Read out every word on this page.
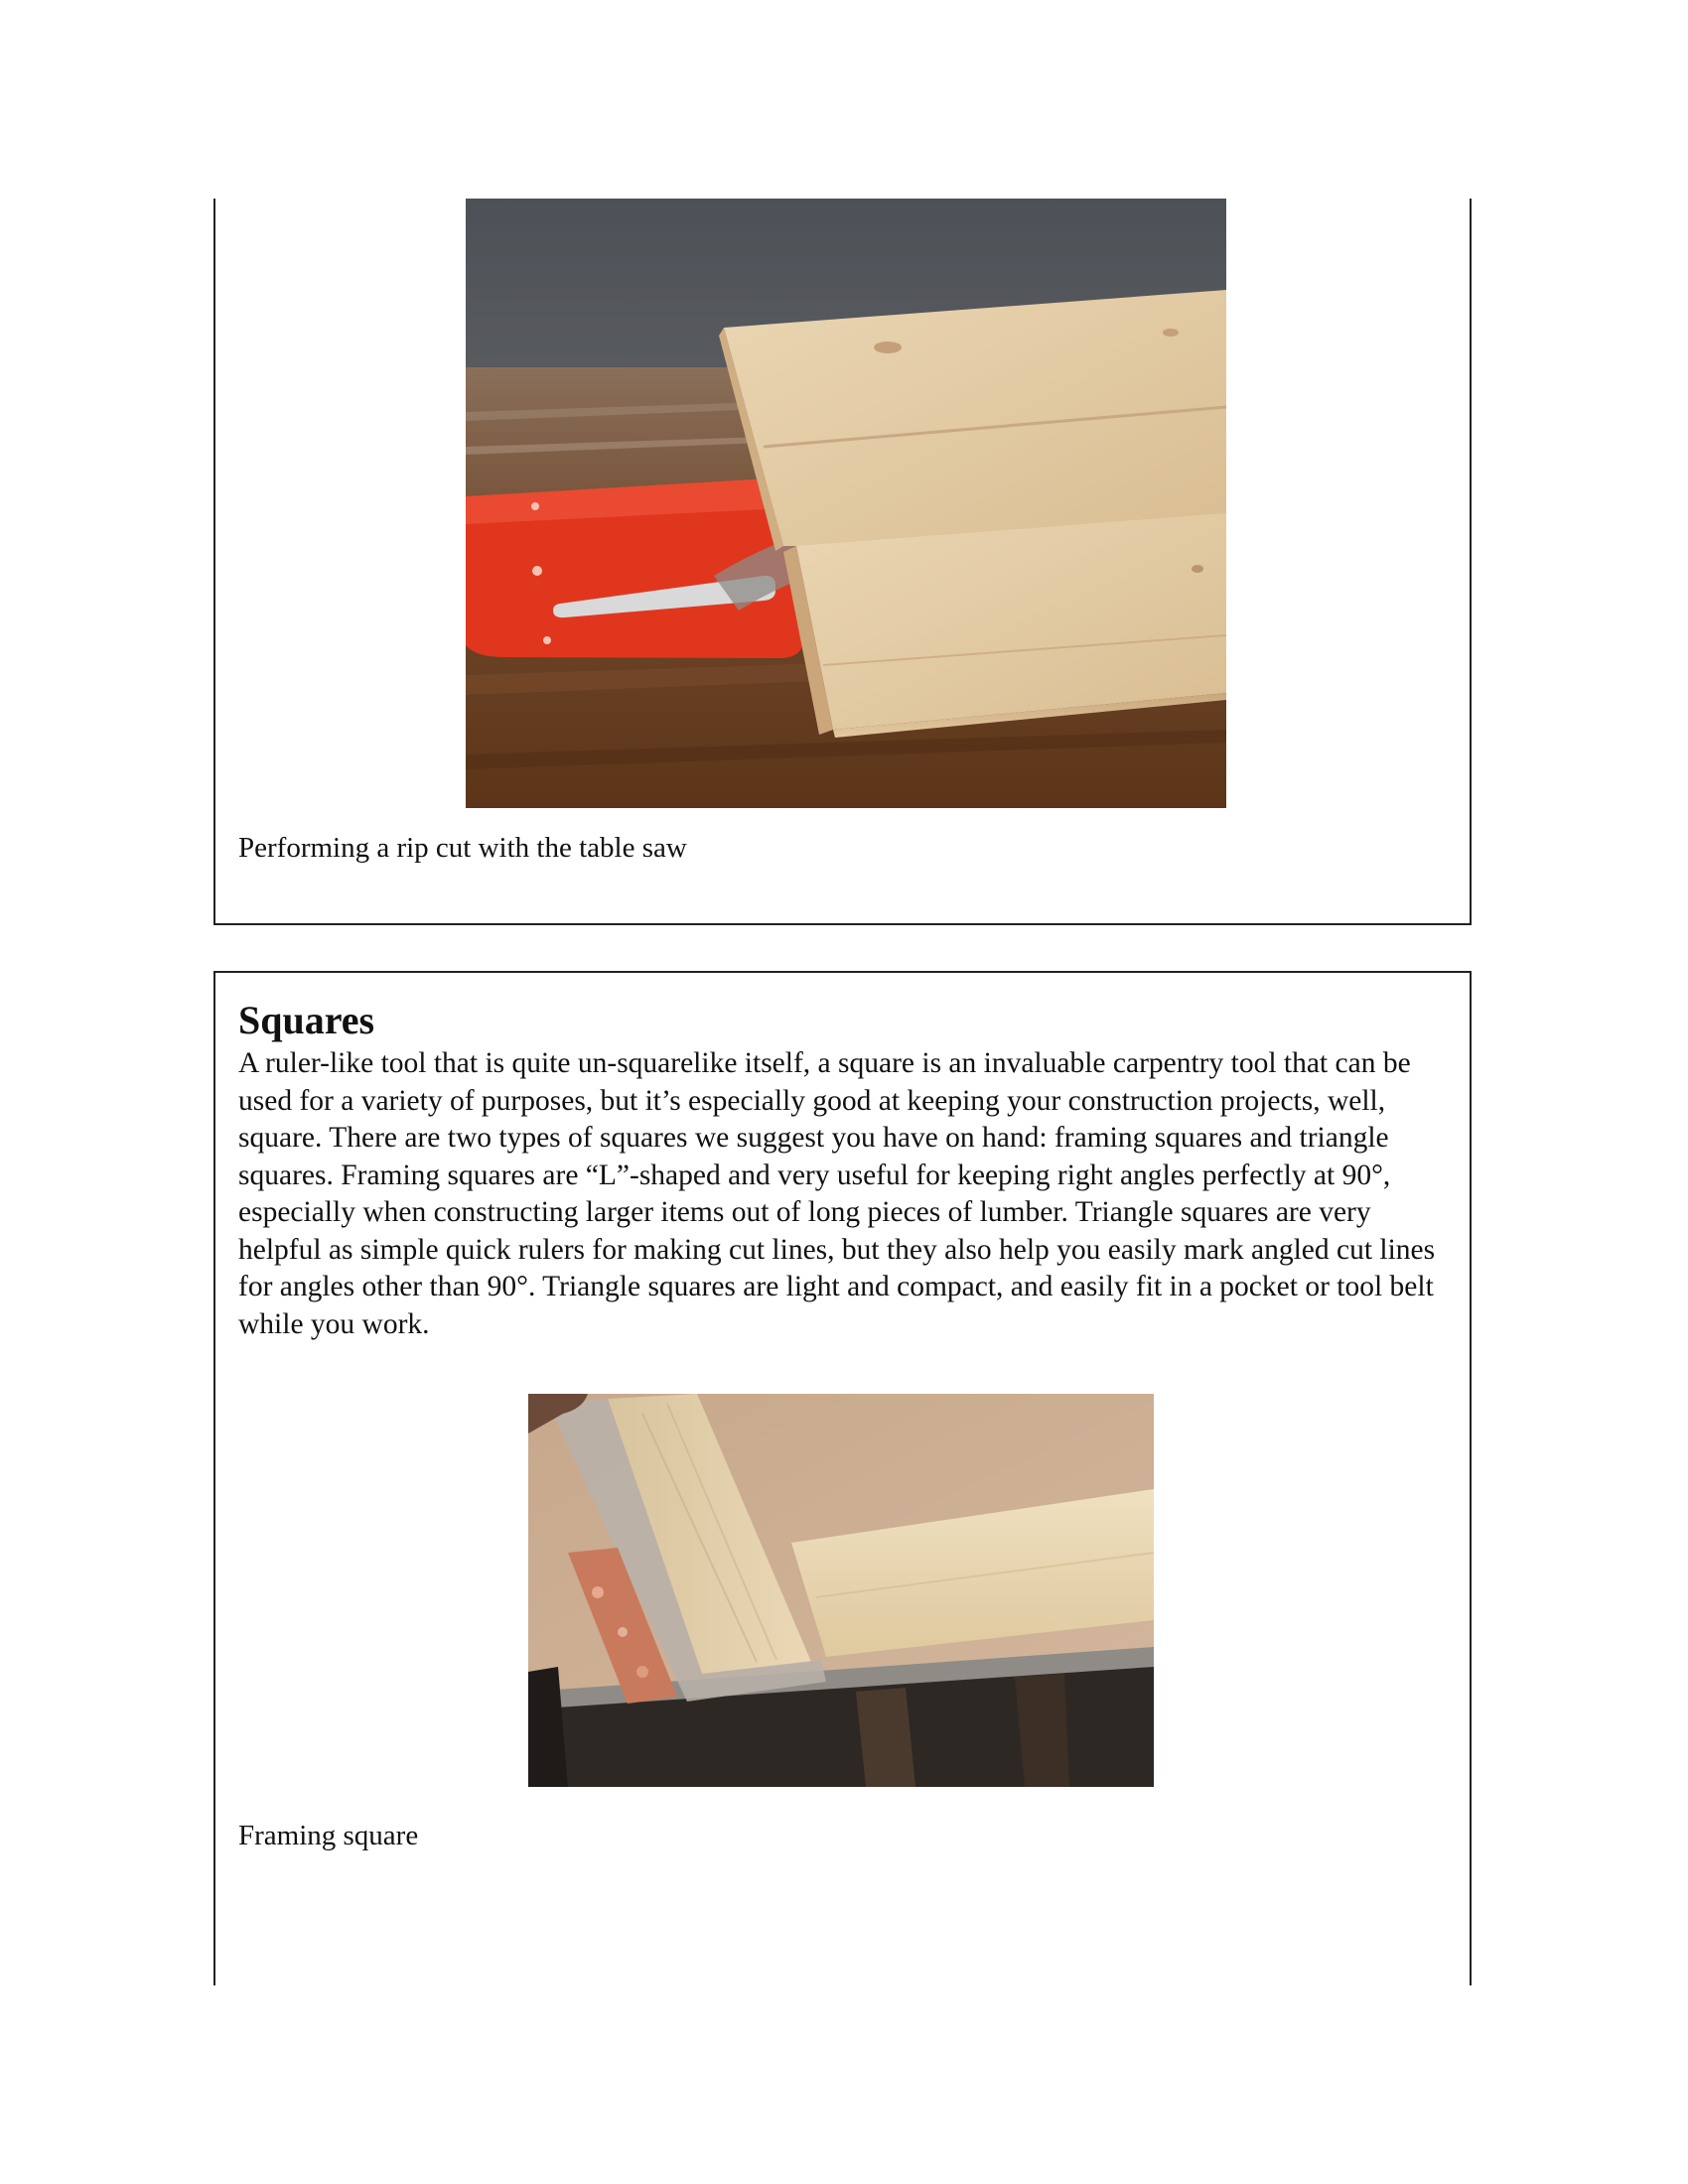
Performing a rip cut with the table saw

Squares

A ruler-like tool that is quite un-squarelike itself, a square is an invaluable carpentry tool that can be used for a variety of purposes, but it’s especially good at keeping your construction projects, well, square. There are two types of squares we suggest you have on hand: framing squares and triangle squares. Framing squares are “L”-shaped and very useful for keeping right angles perfectly at 90°, especially when constructing larger items out of long pieces of lumber. Triangle squares are very helpful as simple quick rulers for making cut lines, but they also help you easily mark angled cut lines for angles other than 90°. Triangle squares are light and compact, and easily fit in a pocket or tool belt while you work.

Framing square
